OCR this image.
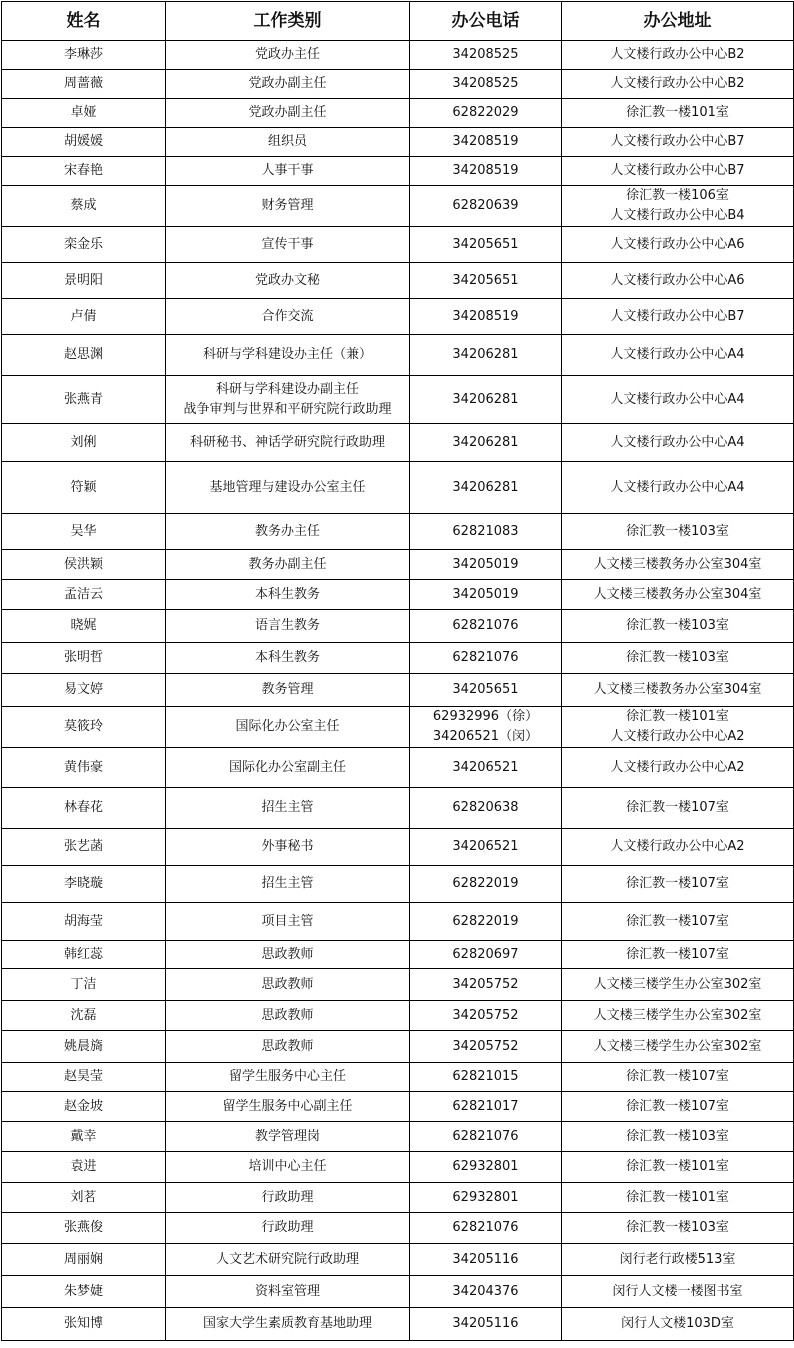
姓名	工作类别	办公电话	办公地址
李琳莎	党政办主任	34208525	人文楼行政办公中心B2

周蔷薇	党政办副主任	34208525	人文楼行政办公中心B2

卓娅	党政办副主任	62822029	徐汇教一楼101室

胡媛媛	组织员	34208519	人文楼行政办公中心B7

宋春艳	人事干事	34208519	人文楼行政办公中心B7

蔡成	财务管理	62820639	徐汇教一楼106室
人文楼行政办公中心B4

栾金乐	宣传干事	34205651	人文楼行政办公中心A6

景明阳	党政办文秘	34205651	人文楼行政办公中心A6

卢倩	合作交流	34208519	人文楼行政办公中心B7

赵思渊	科研与学科建设办主任（兼）	34206281	人文楼行政办公中心A4

张燕青	科研与学科建设办副主任
战争审判与世界和平研究院行政助理	34206281	人文楼行政办公中心A4

刘俐	科研秘书、神话学研究院行政助理	34206281	人文楼行政办公中心A4

符颖	基地管理与建设办公室主任	34206281	人文楼行政办公中心A4

吴华	教务办主任	62821083	徐汇教一楼103室

侯洪颖	教务办副主任	34205019	人文楼三楼教务办公室304室

孟洁云	本科生教务	34205019	人文楼三楼教务办公室304室

晓娓	语言生教务	62821076	徐汇教一楼103室

张明哲	本科生教务	62821076	徐汇教一楼103室

易文婷	教务管理	34205651	人文楼三楼教务办公室304室

莫筱玲	国际化办公室主任	62932996（徐）
34206521（闵）	徐汇教一楼101室
人文楼行政办公中心A2

黄伟豪	国际化办公室副主任	34206521	人文楼行政办公中心A2

林春花	招生主管	62820638	徐汇教一楼107室

张艺菡	外事秘书	34206521	人文楼行政办公中心A2

李晓璇	招生主管	62822019	徐汇教一楼107室

胡海莹	项目主管	62822019	徐汇教一楼107室

韩红蕊	思政教师	62820697	徐汇教一楼107室

丁洁	思政教师	34205752	人文楼三楼学生办公室302室

沈磊	思政教师	34205752	人文楼三楼学生办公室302室

姚晨旖	思政教师	34205752	人文楼三楼学生办公室302室

赵昊莹	留学生服务中心主任	62821015	徐汇教一楼107室

赵金坡	留学生服务中心副主任	62821017	徐汇教一楼107室

戴幸	教学管理岗	62821076	徐汇教一楼103室

袁进	培训中心主任	62932801	徐汇教一楼101室

刘茗	行政助理	62932801	徐汇教一楼101室

张燕俊	行政助理	62821076	徐汇教一楼103室

周丽娴	人文艺术研究院行政助理	34205116	闵行老行政楼513室

朱梦婕	资料室管理	34204376	闵行人文楼一楼图书室

张知博	国家大学生素质教育基地助理	34205116	闵行人文楼103D室
